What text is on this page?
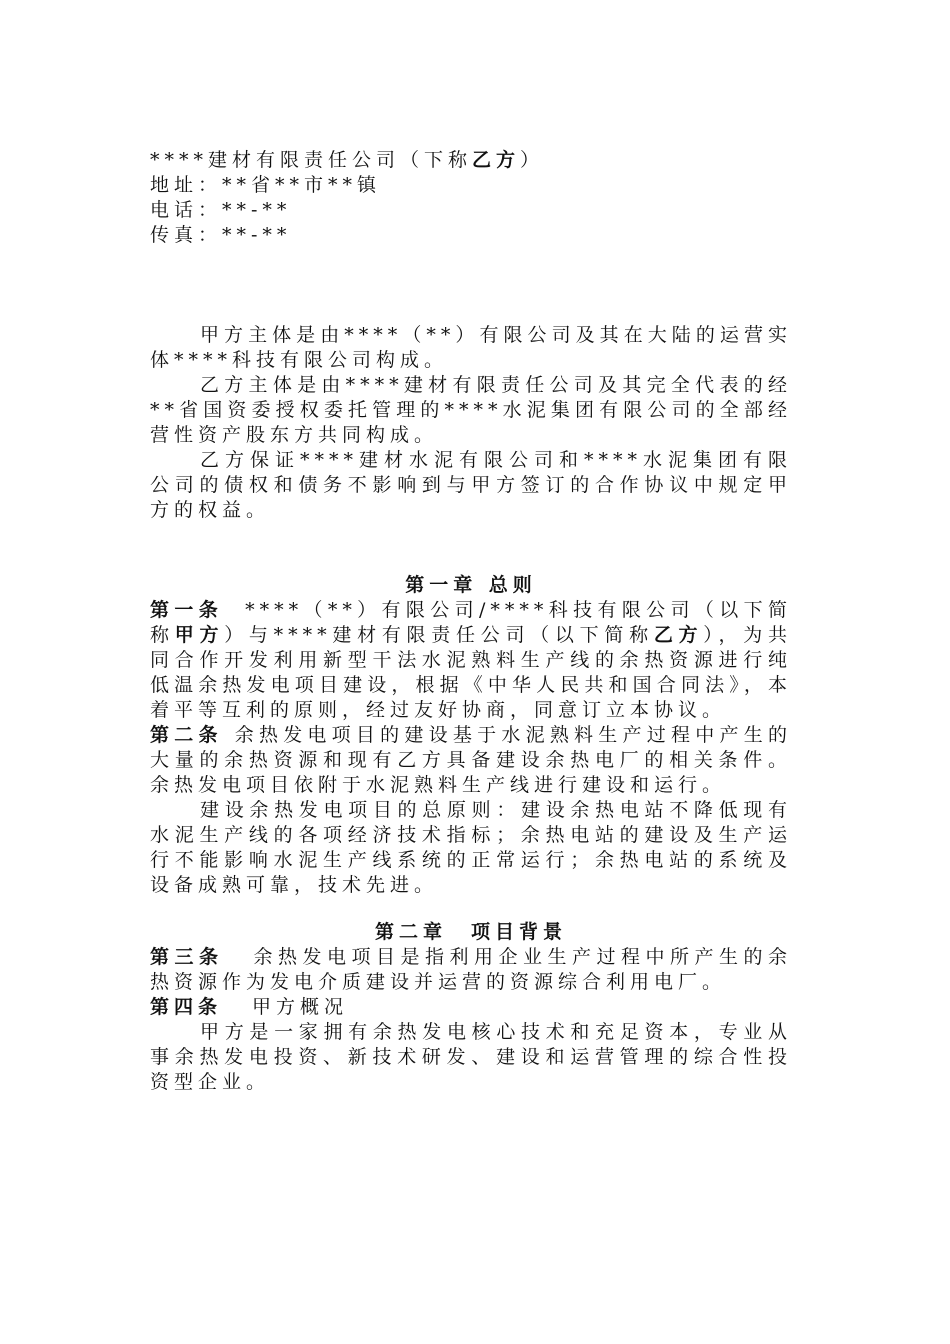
****建材有限责任公司（下称乙方）
地址：**省**市**镇
电话：**-**
传真：**-**
甲方主体是由****（**）有限公司及其在大陆的运营实体****科技有限公司构成。
乙方主体是由****建材有限责任公司及其完全代表的经**省国资委授权委托管理的****水泥集团有限公司的全部经营性资产股东方共同构成。
乙方保证****建材水泥有限公司和****水泥集团有限公司的债权和债务不影响到与甲方签订的合作协议中规定甲方的权益。
第一章 总则
第一条 ****（**）有限公司/****科技有限公司（以下简称甲方）与****建材有限责任公司（以下简称乙方），为共同合作开发利用新型干法水泥熟料生产线的余热资源进行纯低温余热发电项目建设，根据《中华人民共和国合同法》，本着平等互利的原则，经过友好协商，同意订立本协议。
第二条 余热发电项目的建设基于水泥熟料生产过程中产生的大量的余热资源和现有乙方具备建设余热电厂的相关条件。余热发电项目依附于水泥熟料生产线进行建设和运行。
建设余热发电项目的总原则：建设余热电站不降低现有水泥生产线的各项经济技术指标；余热电站的建设及生产运行不能影响水泥生产线系统的正常运行；余热电站的系统及设备成熟可靠，技术先进。
第二章　项目背景
第三条 余热发电项目是指利用企业生产过程中所产生的余热资源作为发电介质建设并运营的资源综合利用电厂。
第四条 甲方概况
甲方是一家拥有余热发电核心技术和充足资本，专业从事余热发电投资、新技术研发、建设和运营管理的综合性投资型企业。
